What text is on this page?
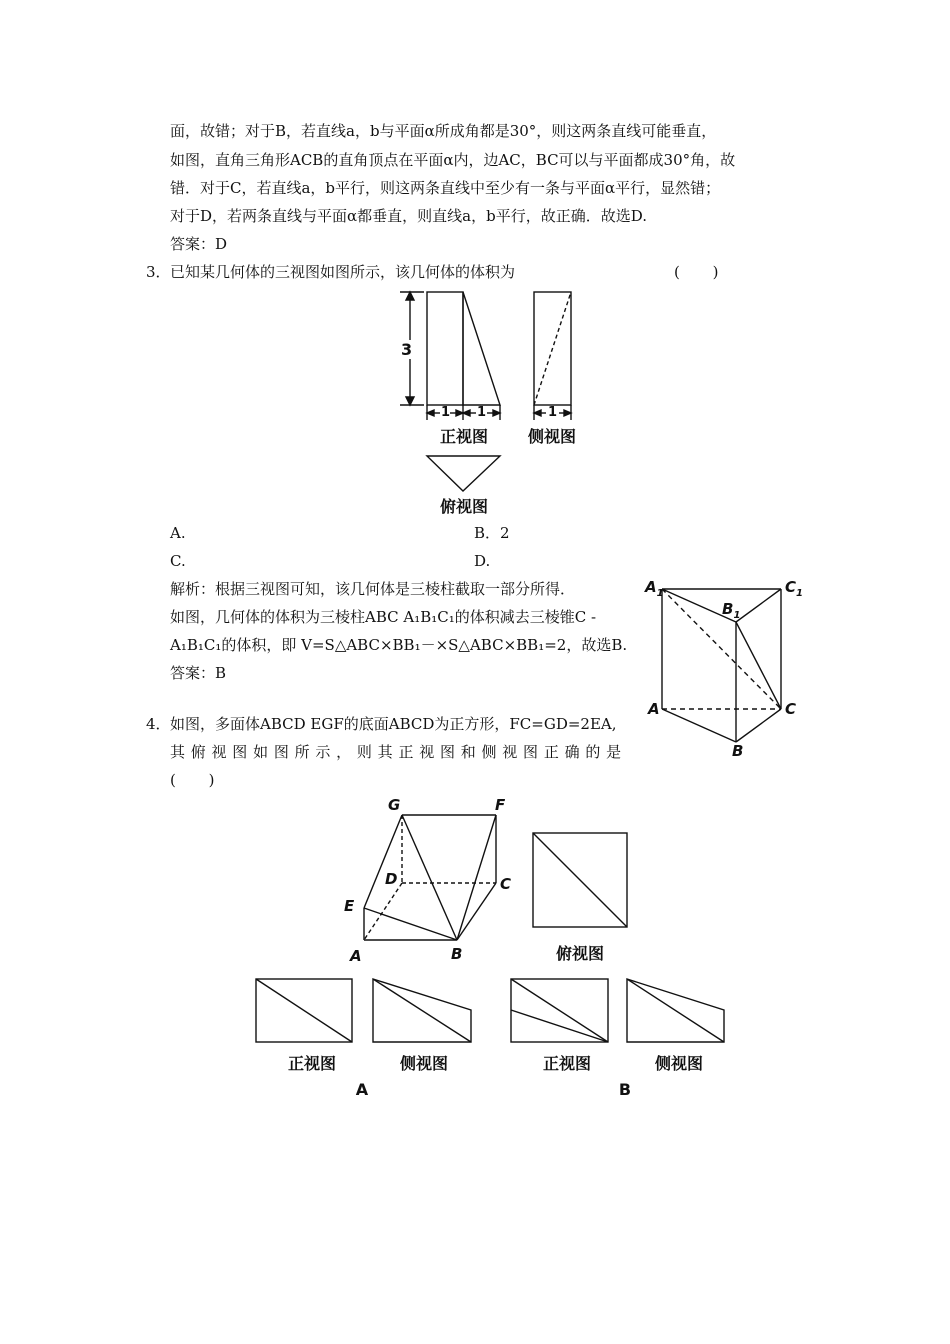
面，故错；对于B，若直线a，b与平面α所成角都是30°，则这两条直线可能垂直，
如图，直角三角形ACB的直角顶点在平面α内，边AC，BC可以与平面都成30°角，故
错．对于C，若直线a，b平行，则这两条直线中至少有一条与平面α平行，显然错；
对于D，若两条直线与平面α都垂直，则直线a，b平行，故正确．故选D.
答案：D
3． 已知某几何体的三视图如图所示，该几何体的体积为	( )
3
1 1	1
正视图	侧视图
俯视图
A.	B．2
C.	D.
解析：根据三视图可知，该几何体是三棱柱截取一部分所得．
如图，几何体的体积为三棱柱ABC A₁B₁C₁的体积减去三棱锥C -
A₁B₁C₁的体积，即 V=S△ABC×BB₁－×S△ABC×BB₁=2，故选B.
答案：B
$A_1$
$B_1$
$C_1$
A	C
B
4． 如图，多面体ABCD EGF的底面ABCD为正方形，FC=GD=2EA,
其 俯 视 图 如 图 所 示 ， 则 其 正 视 图 和 侧 视 图 正 确 的 是
( )
G	F
D	C
E
A	B	俯视图
正视图	侧视图
A
正视图	侧视图
B
